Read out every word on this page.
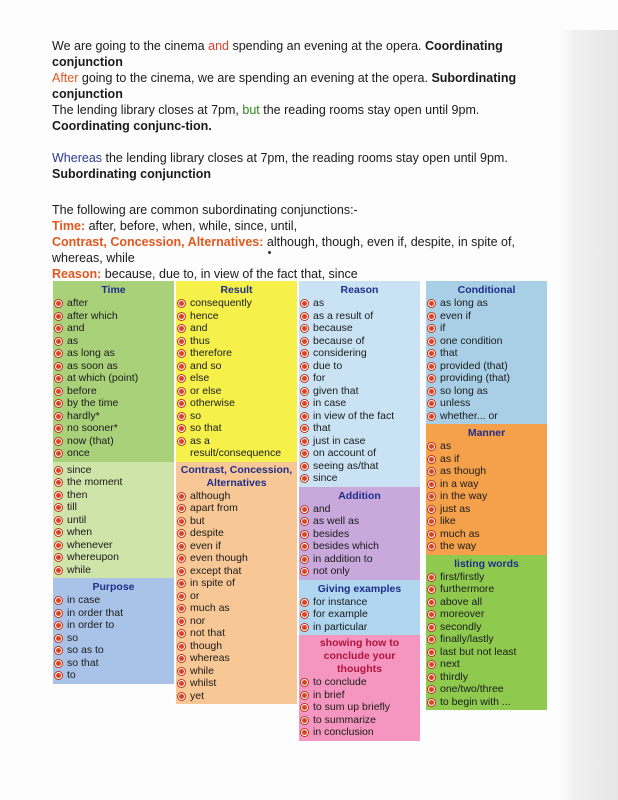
We are going to the cinema and spending an evening at the opera. Coordinating conjunction

After going to the cinema, we are spending an evening at the opera. Subordinating conjunction

The lending library closes at 7pm, but the reading rooms stay open until 9pm. Coordinating conjunc-tion.

Whereas the lending library closes at 7pm, the reading rooms stay open until 9pm. Subordinating conjunction

The following are common subordinating conjunctions:-

Time: after, before, when, while, since, until,

Contrast, Concession, Alternatives: although, though, even if, despite, in spite of, whereas, while

Reason: because, due to, in view of the fact that, since

Time
after
after which
and
as
as long as
as soon as
at which (point)
before
by the time
hardly*
no sooner*
now (that)
once
since
the moment
then
till
until
when
whenever
whereupon
while
Purpose
in case
in order that
in order to
so
so as to
so that
to
Result
consequently
hence
and
thus
therefore
and so
else
or else
otherwise
so
so that
as a result/consequence
Contrast, Concession, Alternatives
although
apart from
but
despite
even if
even though
except that
in spite of
or
much as
nor
not that
though
whereas
while
whilst
yet
Reason
as
as a result of
because
because of
considering
due to
for
given that
in case
in view of the fact
that
just in case
on account of
seeing as/that
since
Addition
and
as well as
besides
besides which
in addition to
not only
Giving examples
for instance
for example
in particular
showing how to conclude your thoughts
to conclude
in brief
to sum up briefly
to summarize
in conclusion
Conditional
as long as
even if
if
one condition
that
provided (that)
providing (that)
so long as
unless
whether... or
Manner
as
as if
as though
in a way
in the way
just as
like
much as
the way
listing words
first/firstly
furthermore
above all
moreover
secondly
finally/lastly
last but not least
next
thirdly
one/two/three
to begin with ...
